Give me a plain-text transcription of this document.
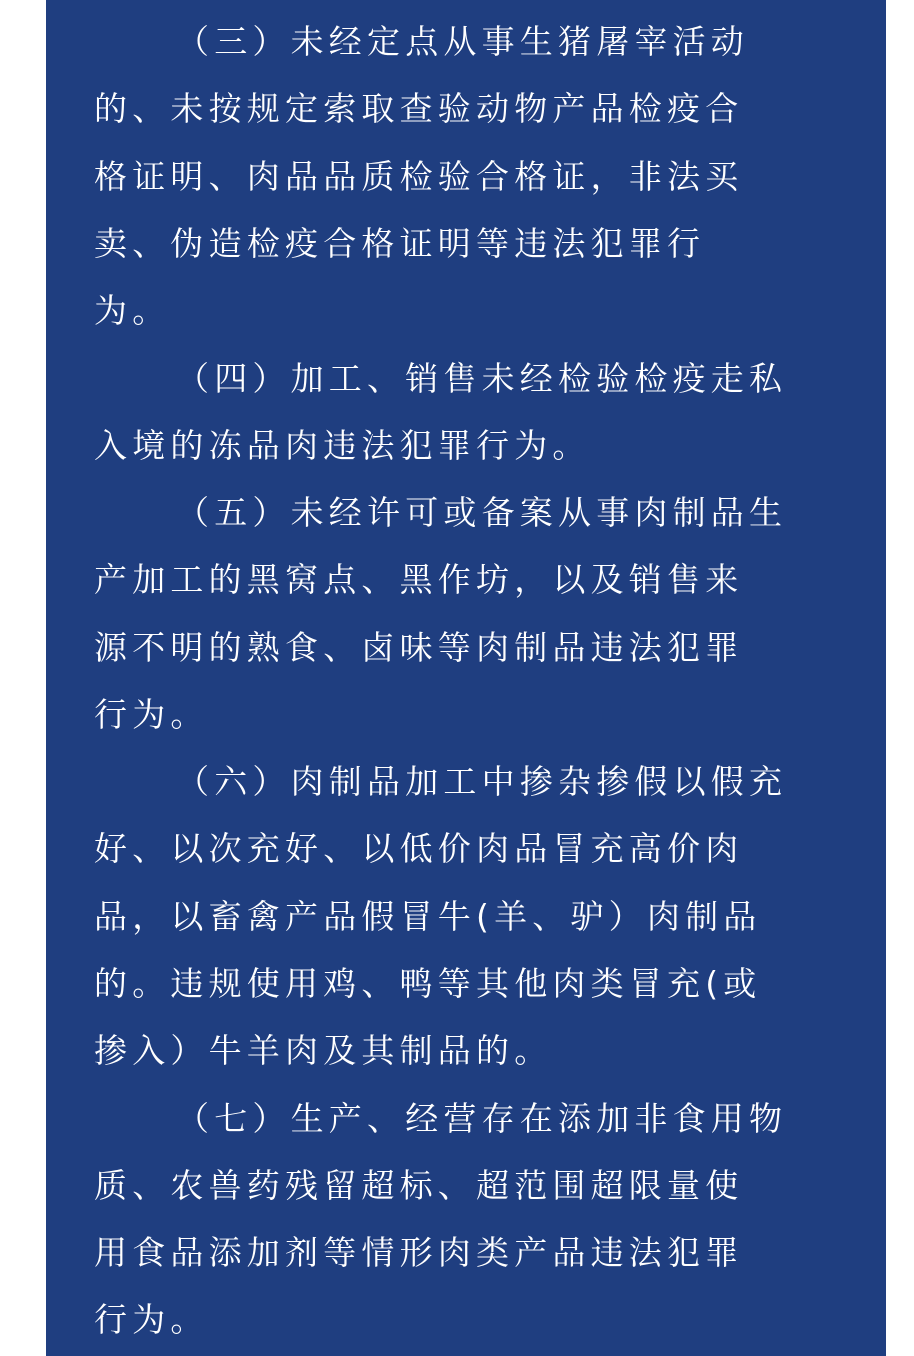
（三）未经定点从事生猪屠宰活动
的、未按规定索取查验动物产品检疫合
格证明、肉品品质检验合格证，非法买
卖、伪造检疫合格证明等违法犯罪行
为。
（四）加工、销售未经检验检疫走私
入境的冻品肉违法犯罪行为。
（五）未经许可或备案从事肉制品生
产加工的黑窝点、黑作坊，以及销售来
源不明的熟食、卤味等肉制品违法犯罪
行为。
（六）肉制品加工中掺杂掺假以假充
好、以次充好、以低价肉品冒充高价肉
品，以畜禽产品假冒牛(羊、驴）肉制品
的。违规使用鸡、鸭等其他肉类冒充(或
掺入）牛羊肉及其制品的。
（七）生产、经营存在添加非食用物
质、农兽药残留超标、超范围超限量使
用食品添加剂等情形肉类产品违法犯罪
行为。
